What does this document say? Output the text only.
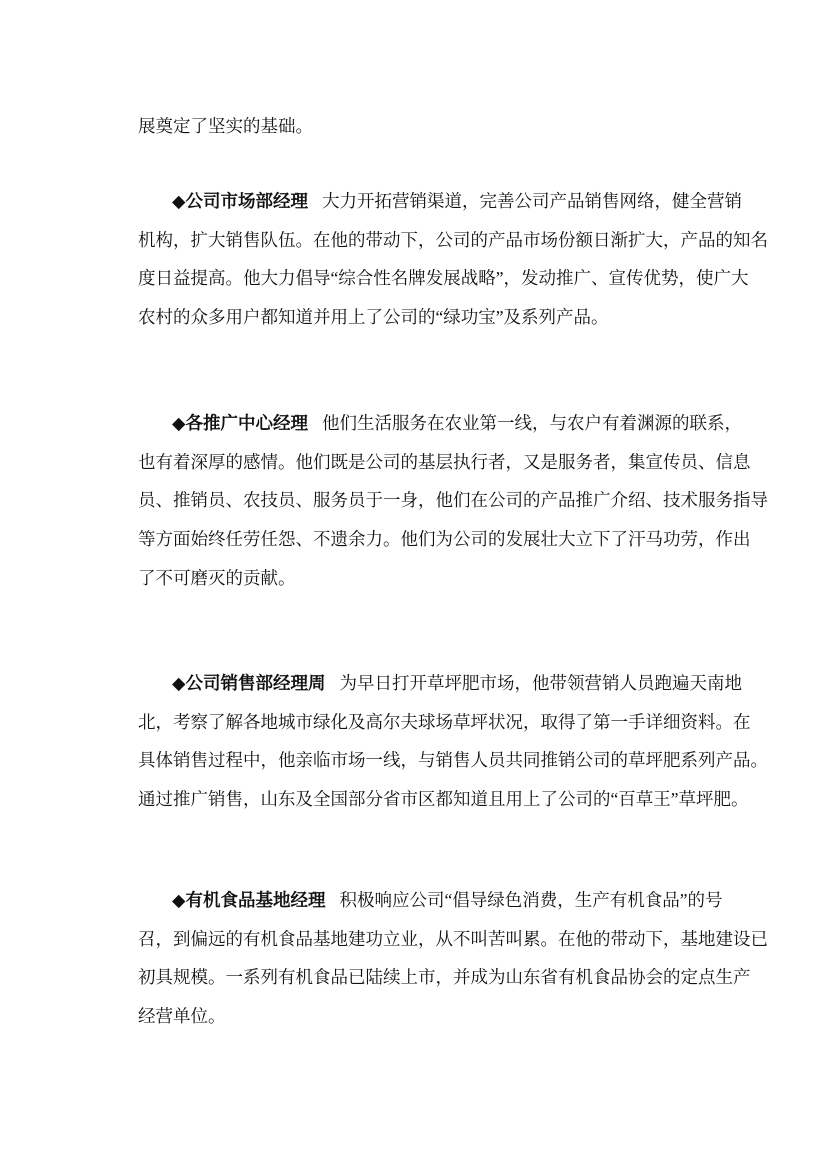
展奠定了坚实的基础。
◆公司市场部经理 大力开拓营销渠道，完善公司产品销售网络，健全营销
机构，扩大销售队伍。在他的带动下，公司的产品市场份额日渐扩大，产品的知名
度日益提高。他大力倡导“综合性名牌发展战略”，发动推广、宣传优势，使广大
农村的众多用户都知道并用上了公司的“绿功宝”及系列产品。
◆各推广中心经理 他们生活服务在农业第一线，与农户有着渊源的联系，
也有着深厚的感情。他们既是公司的基层执行者，又是服务者，集宣传员、信息
员、推销员、农技员、服务员于一身，他们在公司的产品推广介绍、技术服务指导
等方面始终任劳任怨、不遗余力。他们为公司的发展壮大立下了汗马功劳，作出
了不可磨灭的贡献。
◆公司销售部经理周 为早日打开草坪肥市场，他带领营销人员跑遍天南地
北，考察了解各地城市绿化及高尔夫球场草坪状况，取得了第一手详细资料。在
具体销售过程中，他亲临市场一线，与销售人员共同推销公司的草坪肥系列产品。
通过推广销售，山东及全国部分省市区都知道且用上了公司的“百草王”草坪肥。
◆有机食品基地经理 积极响应公司“倡导绿色消费，生产有机食品”的号
召，到偏远的有机食品基地建功立业，从不叫苦叫累。在他的带动下，基地建设已
初具规模。一系列有机食品已陆续上市，并成为山东省有机食品协会的定点生产
经营单位。
